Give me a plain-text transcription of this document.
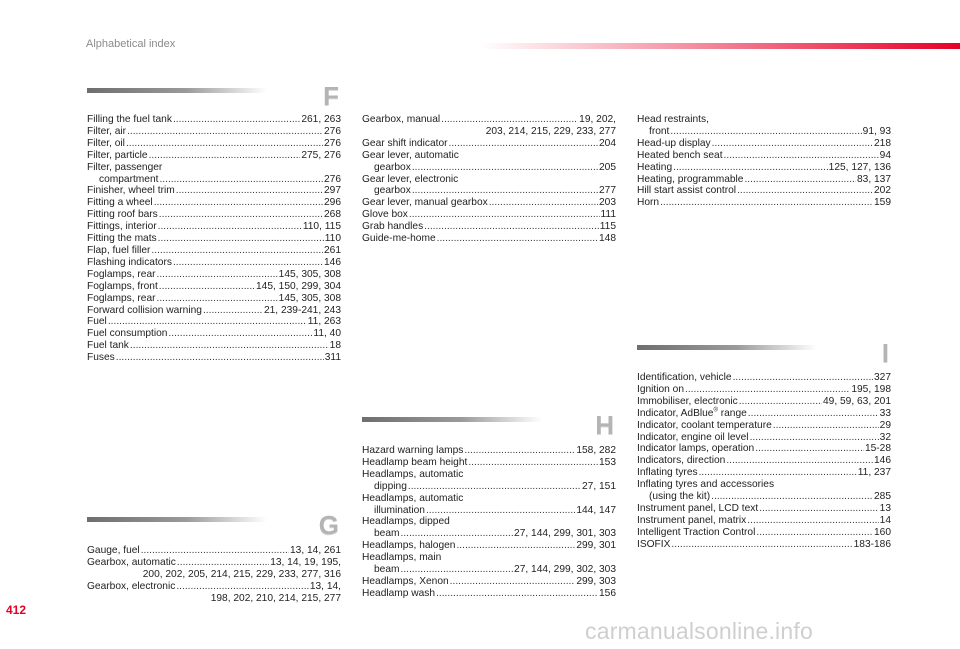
Alphabetical index
F
Filling the fuel tank .....	261, 263
Filter, air .....	276
Filter, oil .....	276
Filter, particle .....	275, 276
Filter, passenger
compartment .....	276
Finisher, wheel trim .....	297
Fitting a wheel .....	296
Fitting roof bars .....	268
Fittings, interior .....	110, 115
Fitting the mats .....	110
Flap, fuel filler .....	261
Flashing indicators .....	146
Foglamps, rear .....	145, 305, 308
Foglamps, front .....	145, 150, 299, 304
Foglamps, rear .....	145, 305, 308
Forward collision warning .....	21, 239-241, 243
Fuel .....	11, 263
Fuel consumption .....	11, 40
Fuel tank .....	18
Fuses .....	311
G
Gauge, fuel .....	13, 14, 261
Gearbox, automatic .....	13, 14, 19, 195,
200, 202, 205, 214, 215, 229, 233, 277, 316
Gearbox, electronic .....	13, 14,
198, 202, 210, 214, 215, 277
Gearbox, manual .....	19, 202,
203, 214, 215, 229, 233, 277
Gear shift indicator .....	204
Gear lever, automatic
gearbox .....	205
Gear lever, electronic
gearbox .....	277
Gear lever, manual gearbox .....	203
Glove box .....	111
Grab handles .....	115
Guide-me-home .....	148
H
Hazard warning lamps .....	158, 282
Headlamp beam height .....	153
Headlamps, automatic
dipping .....	27, 151
Headlamps, automatic
illumination .....	144, 147
Headlamps, dipped
beam .....	27, 144, 299, 301, 303
Headlamps, halogen .....	299, 301
Headlamps, main
beam .....	27, 144, 299, 302, 303
Headlamps, Xenon .....	299, 303
Headlamp wash .....	156
Head restraints,
front .....	91, 93
Head-up display .....	218
Heated bench seat .....	94
Heating .....	125, 127, 136
Heating, programmable .....	83, 137
Hill start assist control .....	202
Horn .....	159
I
Identification, vehicle .....	327
Ignition on .....	195, 198
Immobiliser, electronic .....	49, 59, 63, 201
Indicator, AdBlue® range .....	33
Indicator, coolant temperature .....	29
Indicator, engine oil level .....	32
Indicator lamps, operation .....	15-28
Indicators, direction .....	146
Inflating tyres .....	11, 237
Inflating tyres and accessories
(using the kit) .....	285
Instrument panel, LCD text .....	13
Instrument panel, matrix .....	14
Intelligent Traction Control .....	160
ISOFIX .....	183-186
412
carmanualsonline.info
